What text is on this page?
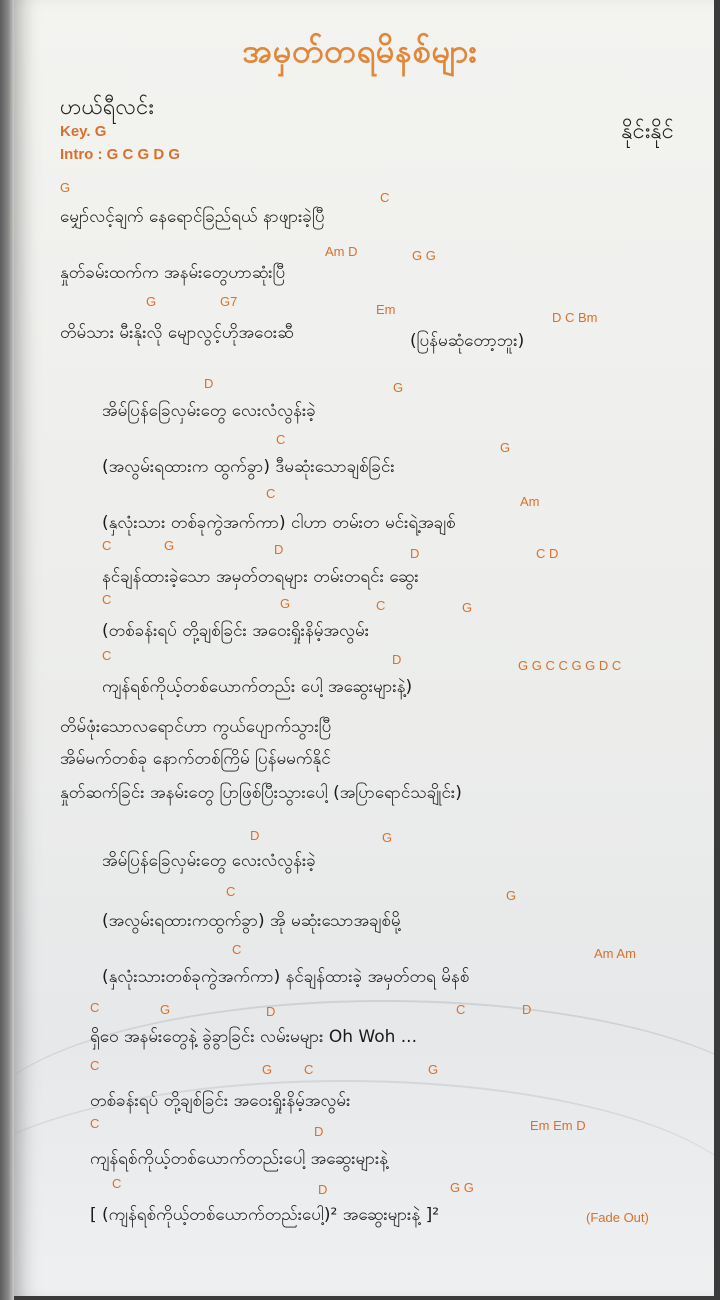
အမှတ်တရမိနစ်များ
ဟယ်ရီလင်း
နိုင်းနိုင်
Key. G
Intro : G C G D G
G
C
မျှော်လင့်ချက် နေရောင်ခြည်ရယ် နာဖျားခဲ့ပြီ
Am D	G G
နှုတ်ခမ်းထက်က အနမ်းတွေဟာဆုံးပြီ
G	G7
Em
D C Bm
တိမ်သား မီးနိုးလို မျောလွင့်ဟိုအဝေးဆီ	(ပြန်မဆုံတော့ဘူး)
D	G
အိမ်ပြန်ခြေလှမ်းတွေ လေးလံလွန်းခဲ့
C
G
(အလွမ်းရထားက ထွက်ခွာ) ဒီမဆုံးသောချစ်ခြင်း
C
Am
(နှလုံးသား တစ်ခုကွဲအက်ကာ) ငါဟာ တမ်းတ မင်းရဲ့အချစ်
C	G	D	D	C D
နင်ချန်ထားခဲ့သော အမှတ်တရများ တမ်းတရင်း ဆွေး
C	G	C	G
(တစ်ခန်းရပ် တို့ချစ်ခြင်း အဝေးရှိုးနိမ့်အလွမ်း
C	D	G G C C G G D C
ကျန်ရစ်ကိုယ့်တစ်ယောက်တည်း ပေါ့ အဆွေးများနဲ့)
တိမ်ဖုံးသောလရောင်ဟာ ကွယ်ပျောက်သွားပြီ
အိမ်မက်တစ်ခု နောက်တစ်ကြိမ် ပြန်မမက်နိုင်
နှုတ်ဆက်ခြင်း အနမ်းတွေ ပြာဖြစ်ပြီးသွားပေါ့ (အပြာရောင်သချိုင်း)
D	G
အိမ်ပြန်ခြေလှမ်းတွေ လေးလံလွန်းခဲ့
C	G
(အလွမ်းရထားကထွက်ခွာ) အို မဆုံးသောအချစ်မို့
C	Am Am
(နှလုံးသားတစ်ခုကွဲအက်ကာ) နင်ချန်ထားခဲ့ အမှတ်တရ မိနစ်
C	G	D	C	D
ရှိဝေ အနမ်းတွေနဲ့ ခွဲခွာခြင်း လမ်းမများ Oh Woh ...
C	G C	G
တစ်ခန်းရပ် တို့ချစ်ခြင်း အဝေးရှိုးနိမ့်အလွမ်း
C
D	Em Em D
ကျန်ရစ်ကိုယ့်တစ်ယောက်တည်းပေါ့ အဆွေးများနဲ့
C	D	G G
[ (ကျန်ရစ်ကိုယ့်တစ်ယောက်တည်းပေါ့)² အဆွေးများနဲ့ ]²	(Fade Out)
